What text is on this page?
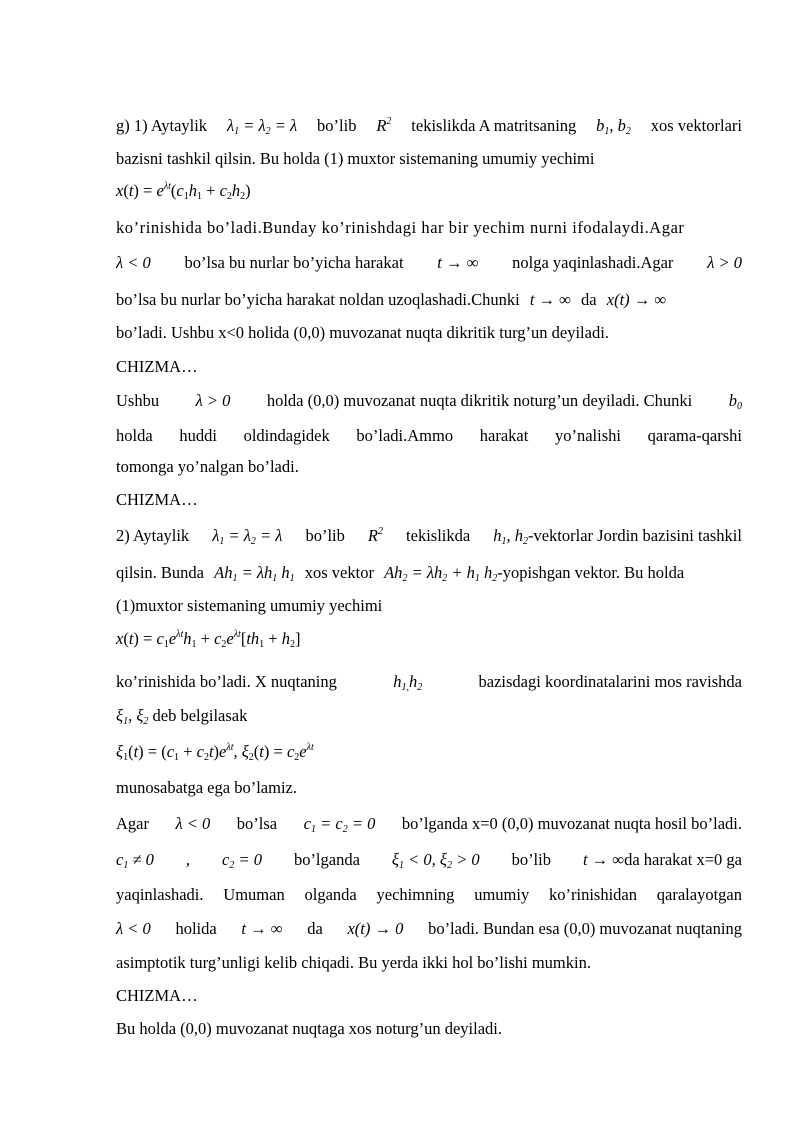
g) 1) Aytaylik $\lambda_1 = \lambda_2 = \lambda$ bo’lib $R^2$ tekislikda A matritsaning $b_1$, $b_2$ xos vektorlari
bazisni tashkil qilsin. Bu holda (1) muxtor sistemaning umumiy yechimi
$x(t) = e^{\lambda t}(c_1h_1 + c_2h_2)$
ko’rinishida bo’ladi.Bunday ko’rinishdagi har bir yechim nurni ifodalaydi.Agar
λ < 0 bo’lsa bu nurlar bo’yicha harakat t → ∞ nolga yaqinlashadi.Agar λ > 0
bo’lsa bu nurlar bo’yicha harakat noldan uzoqlashadi.Chunki t → ∞ da x(t) → ∞
bo’ladi. Ushbu x<0 holida (0,0) muvozanat nuqta dikritik turg’un deyiladi.
CHIZMA…
Ushbu λ > 0 holda (0,0) muvozanat nuqta dikritik noturg’un deyiladi. Chunki $b_0$
holda huddi oldindagidek bo’ladi.Ammo harakat yo’nalishi qarama-qarshi
tomonga yo’nalgan bo’ladi.
CHIZMA…
2) Aytaylik $\lambda_1 = \lambda_2 = \lambda$ bo’lib $R^2$ tekislikda $h_1$, $h_2$-vektorlar Jordin bazisini tashkil
qilsin. Bunda $Ah_1 = \lambda h_1$ $h_1$ xos vektor $Ah_2 = \lambda h_2 + h_1$ $h_2$-yopishgan vektor. Bu holda
(1)muxtor sistemaning umumiy yechimi
$x(t) = c_1e^{\lambda t}h_1 + c_2e^{\lambda t}[th_1 + h_2]$
ko’rinishida bo’ladi. X nuqtaning	$h_{1,}h_2$	bazisdagi koordinatalarini mos ravishda
$\xi_1$, $\xi_2$ deb belgilasak
$\xi_1(t) = (c_1 + c_2t)e^{\lambda t}$, $\xi_2(t) = c_2e^{\lambda t}$
munosabatga ega bo’lamiz.
Agar λ < 0 bo’lsa $c_1 = c_2 = 0$ bo’lganda x=0 (0,0) muvozanat nuqta hosil bo’ladi.
$c_1 \ne 0$ , $c_2 = 0$ bo’lganda $\xi_1 < 0$, $\xi_2 > 0$ bo’lib t → ∞da harakat x=0 ga
yaqinlashadi. Umuman olganda yechimning umumiy ko’rinishidan qaralayotgan
λ < 0 holida t → ∞ da x(t) → 0 bo’ladi. Bundan esa (0,0) muvozanat nuqtaning
asimptotik turg’unligi kelib chiqadi. Bu yerda ikki hol bo’lishi mumkin.
CHIZMA…
Bu holda (0,0) muvozanat nuqtaga xos noturg’un deyiladi.
